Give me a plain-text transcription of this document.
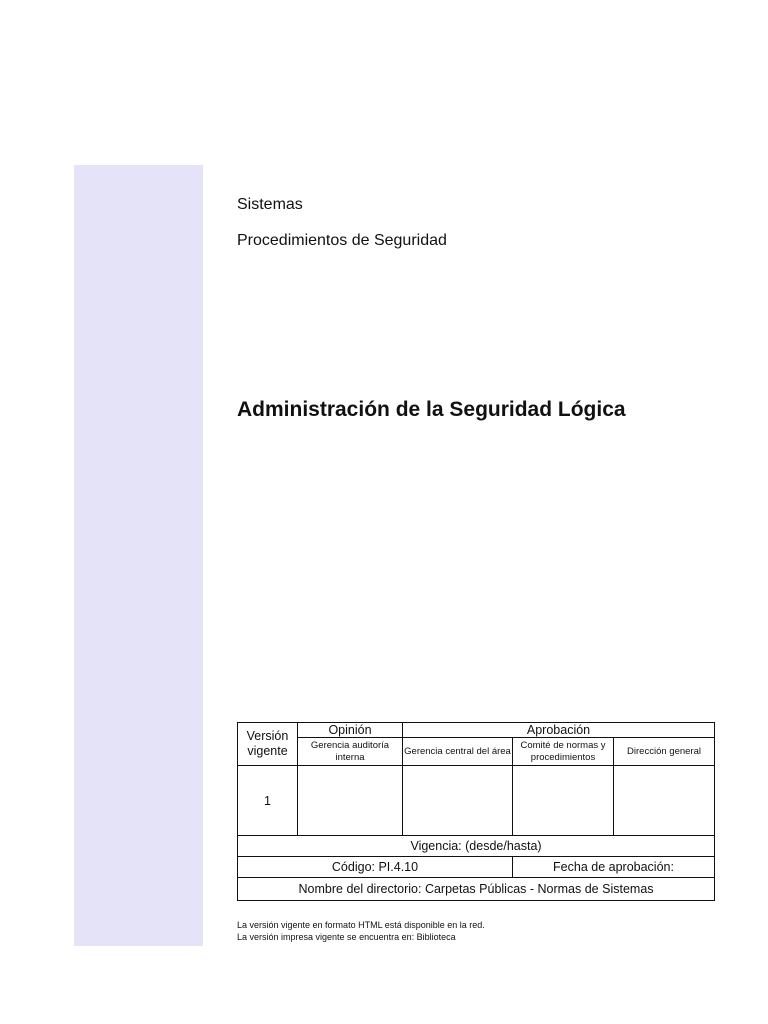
Sistemas
Procedimientos de Seguridad
Administración de la Seguridad Lógica
Versión vigente	Opinión	Aprobación		
	Gerencia auditoría interna	Gerencia central del área	Comité de normas y procedimientos	Dirección general
1				
Vigencia: (desde/hasta)				
Código: PI.4.10			Fecha de aprobación:	
Nombre del directorio: Carpetas Públicas - Normas de Sistemas				
La versión vigente en formato HTML está disponible en la red.
La versión impresa vigente se encuentra en: Biblioteca
